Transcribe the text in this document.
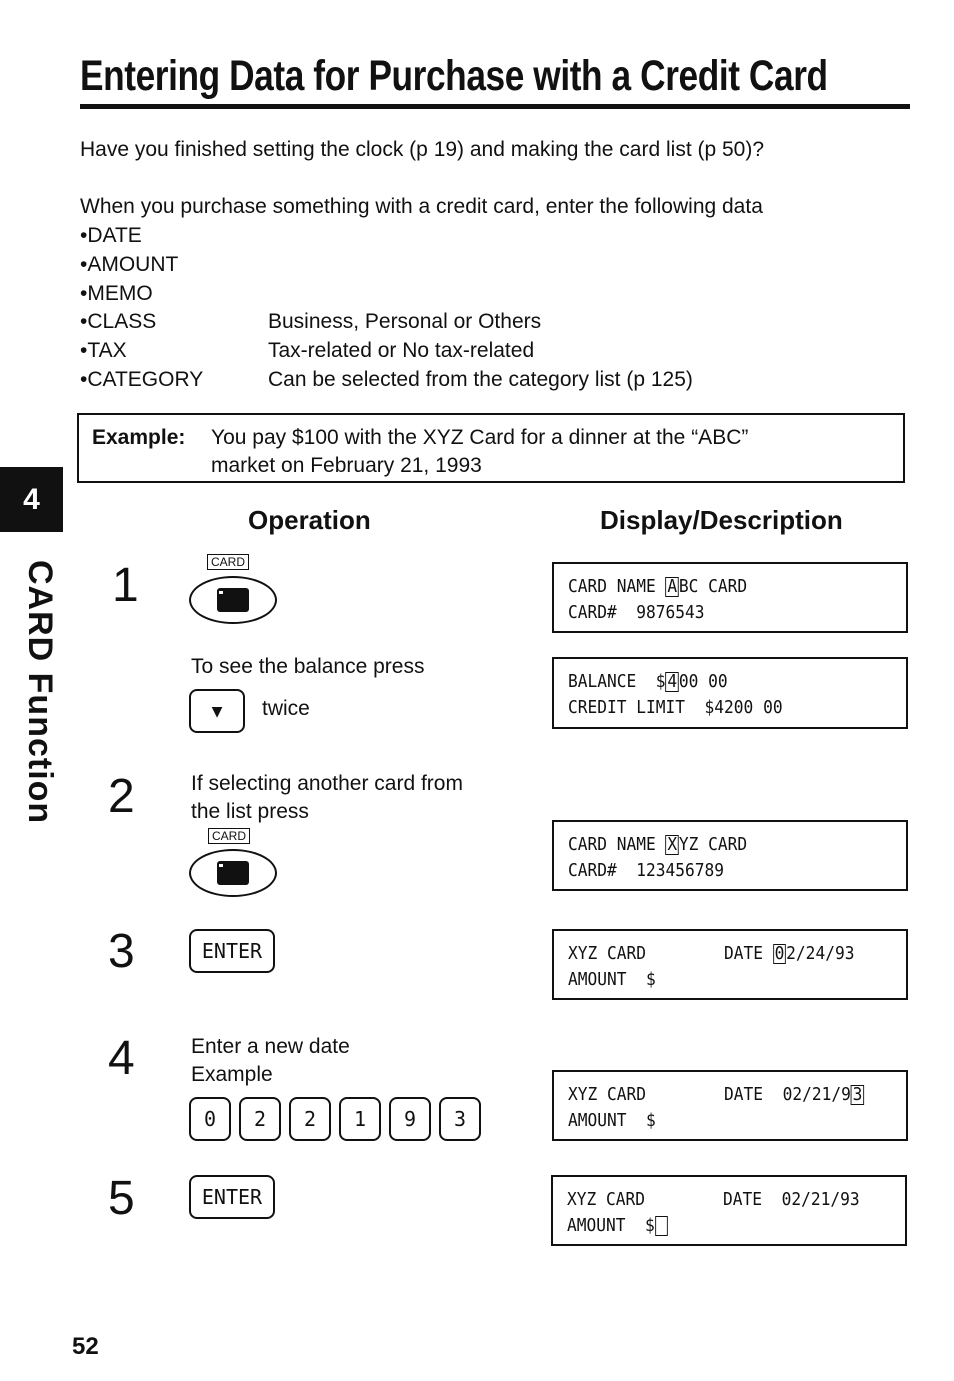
Entering Data for Purchase with a Credit Card
Have you finished setting the clock (p 19) and making the card list (p 50)?
When you purchase something with a credit card, enter the following data
•DATE
•AMOUNT
•MEMO
•CLASS	Business, Personal or Others
•TAX	Tax-related or No tax-related
•CATEGORY	Can be selected from the category list (p 125)
Example: You pay $100 with the XYZ Card for a dinner at the “ABC”
market on February 21, 1993
4
CARD Function
Operation	Display/Description
1	CARD
CARD NAME ABC CARD
CARD#  9876543
To see the balance press
▼ twice
BALANCE  $ 400 00
CREDIT LIMIT  $4200 00
2	If selecting another card from
the list press
CARD	CARD NAME XYZ CARD
CARD#  123456789
3	ENTER	XYZ CARD        DATE 02/24/93
AMOUNT  $
4	Enter a new date
Example
0 2 2 1 9 3
XYZ CARD        DATE  02/21/93
AMOUNT  $
5	ENTER	XYZ CARD        DATE  02/21/93
AMOUNT  $
52
